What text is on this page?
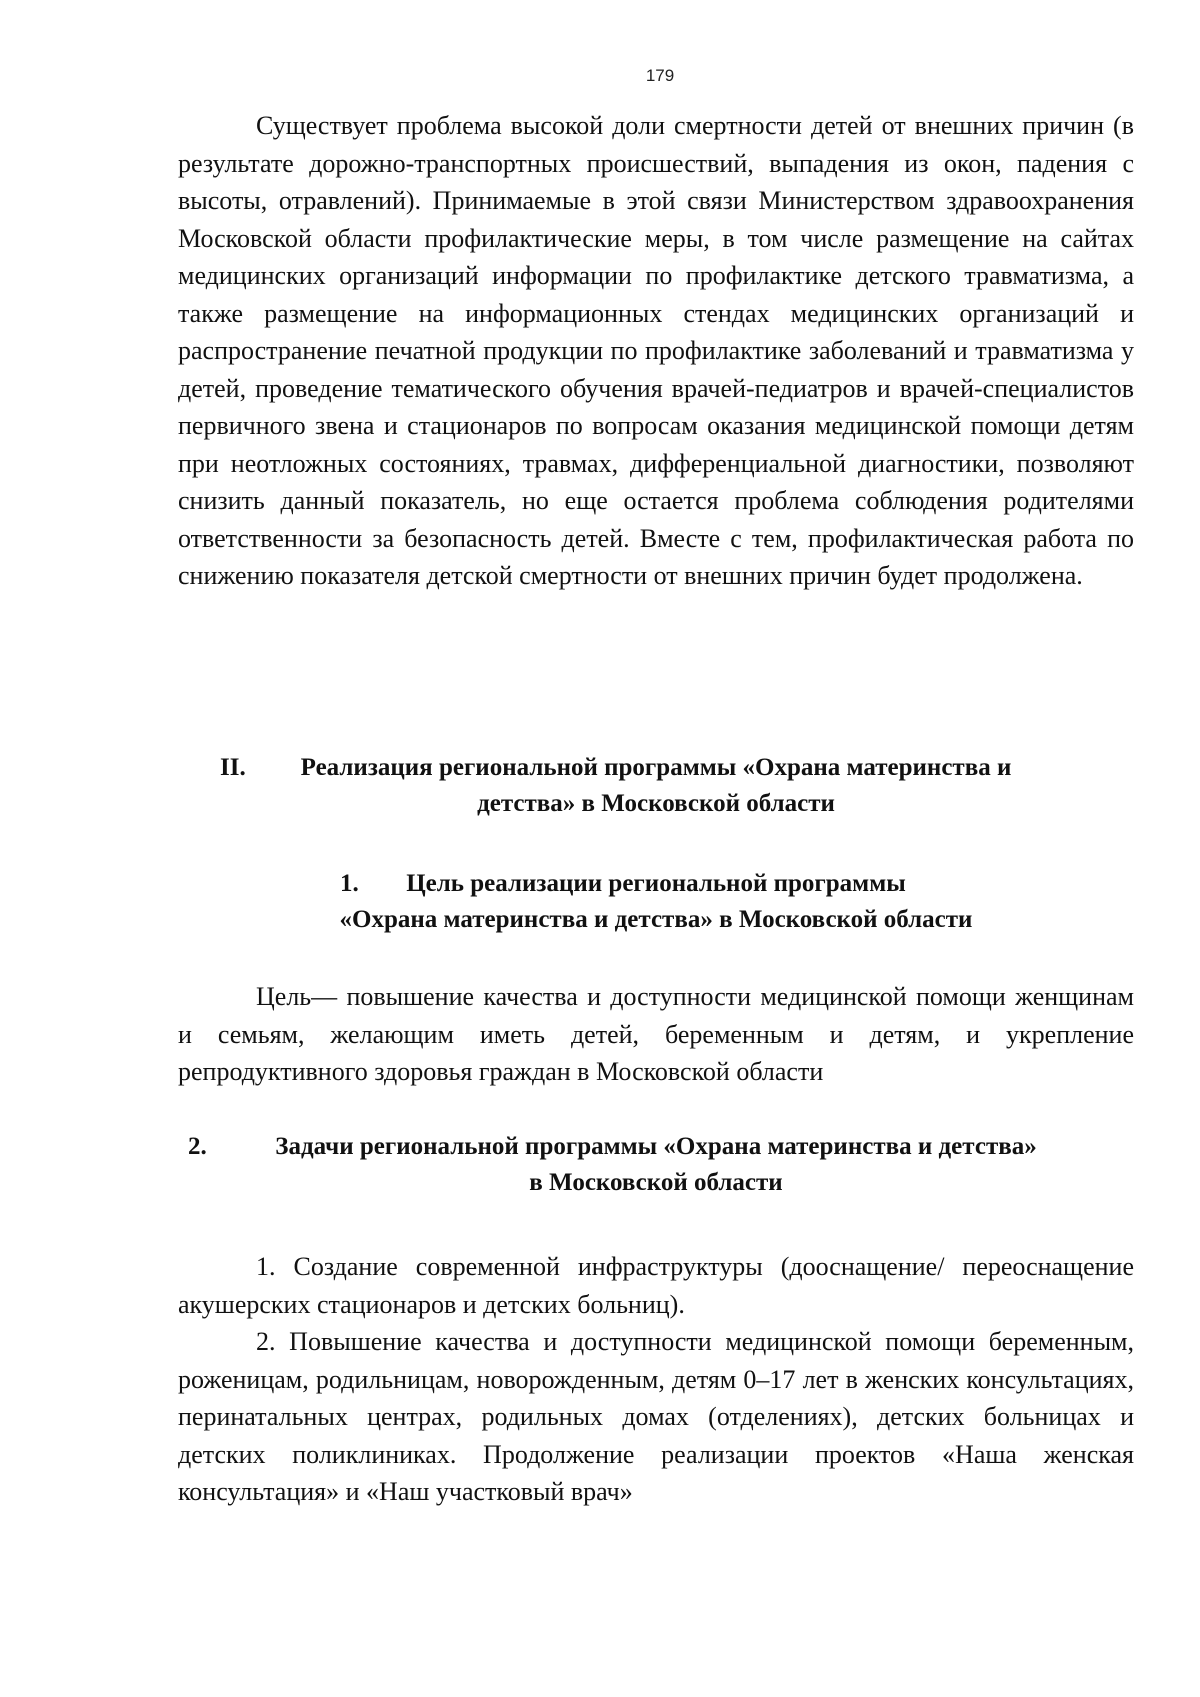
179

Существует проблема высокой доли смертности детей от внешних причин (в результате дорожно-транспортных происшествий, выпадения из окон, падения с высоты, отравлений). Принимаемые в этой связи Министерством здравоохранения Московской области профилактические меры, в том числе размещение на сайтах медицинских организаций информации по профилактике детского травматизма, а также размещение на информационных стендах медицинских организаций и распространение печатной продукции по профилактике заболеваний и травматизма у детей, проведение тематического обучения врачей-педиатров и врачей-специалистов первичного звена и стационаров по вопросам оказания медицинской помощи детям при неотложных состояниях, травмах, дифференциальной диагностики, позволяют снизить данный показатель, но еще остается проблема соблюдения родителями ответственности за безопасность детей. Вместе с тем, профилактическая работа по снижению показателя детской смертности от внешних причин будет продолжена.

II.	Реализация региональной программы «Охрана материнства и
детства» в Московской области
1.	Цель реализации региональной программы
«Охрана материнства и детства» в Московской области

Цель— повышение качества и доступности медицинской помощи женщинам и семьям, желающим иметь детей, беременным и детям, и укрепление репродуктивного здоровья граждан в Московской области

2.	Задачи региональной программы «Охрана материнства и детства»
в Московской области

1. Создание современной инфраструктуры (дооснащение/ переоснащение акушерских стационаров и детских больниц).

2. Повышение качества и доступности медицинской помощи беременным, роженицам, родильницам, новорожденным, детям 0–17 лет в женских консультациях, перинатальных центрах, родильных домах (отделениях), детских больницах и детских поликлиниках. Продолжение реализации проектов «Наша женская консультация» и «Наш участковый врач»
